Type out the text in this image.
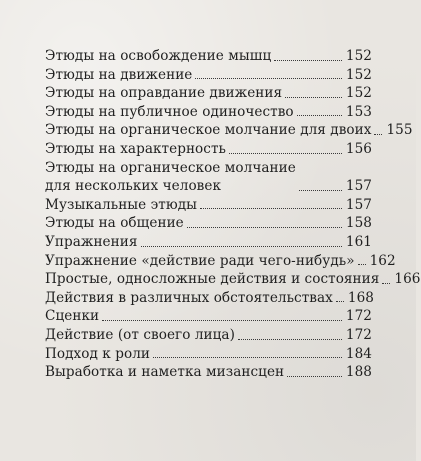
Этюды на освобождение мышц	152
Этюды на движение	152
Этюды на оправдание движения	152
Этюды на публичное одиночество	153
Этюды на органическое молчание для двоих 155
Этюды на характерность	156
Этюды на органическое молчание
для нескольких человек	157
Музыкальные этюды	157
Этюды на общение	158
Упражнения	161
Упражнение «действие ради чего-нибудь» 162
Простые, односложные действия и состояния 166
Действия в различных обстоятельствах 168
Сценки	172
Действие (от своего лица)	172
Подход к роли	184
Выработка и наметка мизансцен	188
